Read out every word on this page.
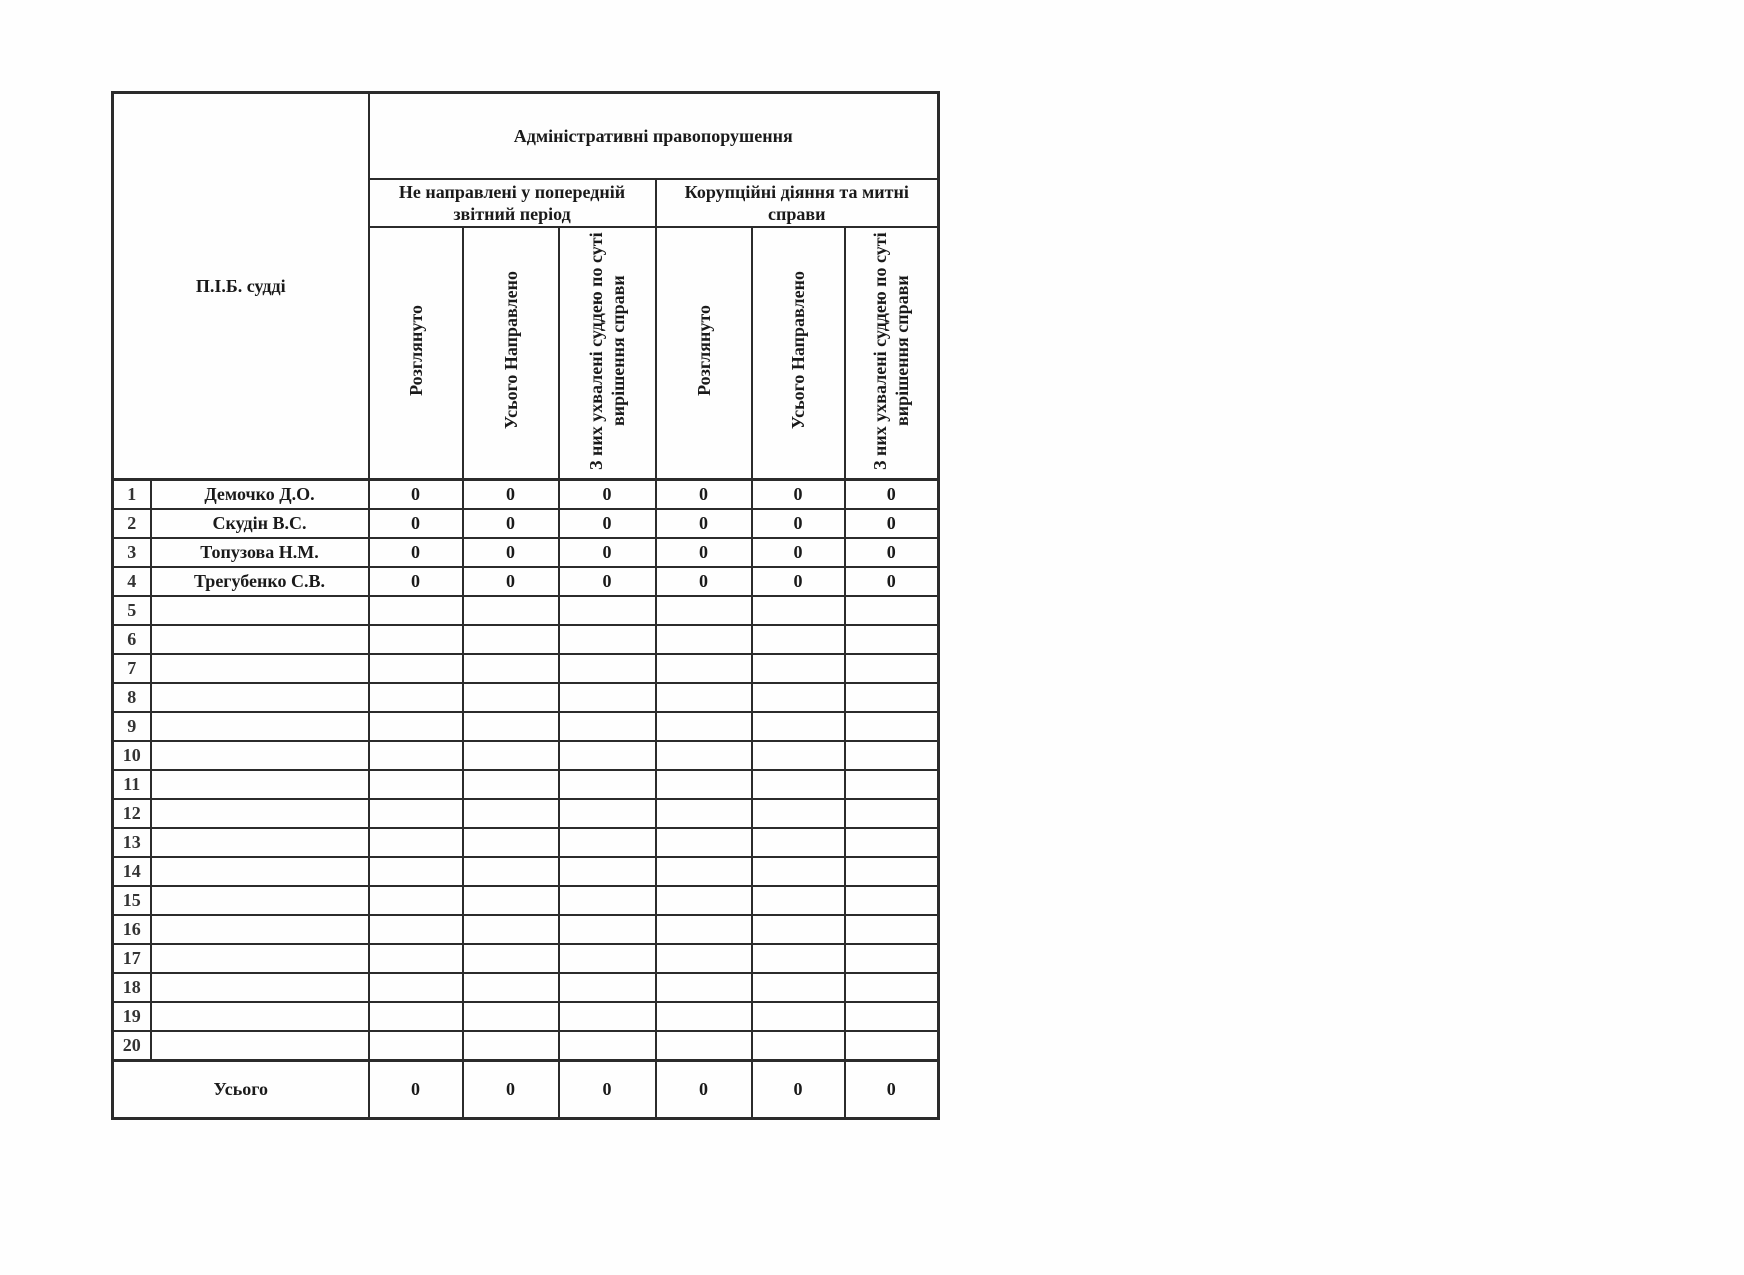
П.І.Б. судді		Адміністративні правопорушення					
		Не направлені у попередній звітний період			Корупційні діяння та митні справи		
		Розглянуто	Усього Направлено	З них ухвалені суддею по суті вирішення справи	Розглянуто	Усього Направлено	З них ухвалені суддею по суті вирішення справи
1	Демочко Д.О.	0	0	0	0	0	0
2	Скудін В.С.	0	0	0	0	0	0
3	Топузова Н.М.	0	0	0	0	0	0
4	Трегубенко С.В.	0	0	0	0	0	0
5							
6							
7							
8							
9							
10							
11							
12							
13							
14							
15							
16							
17							
18							
19							
20							
Усього		0	0	0	0	0	0
